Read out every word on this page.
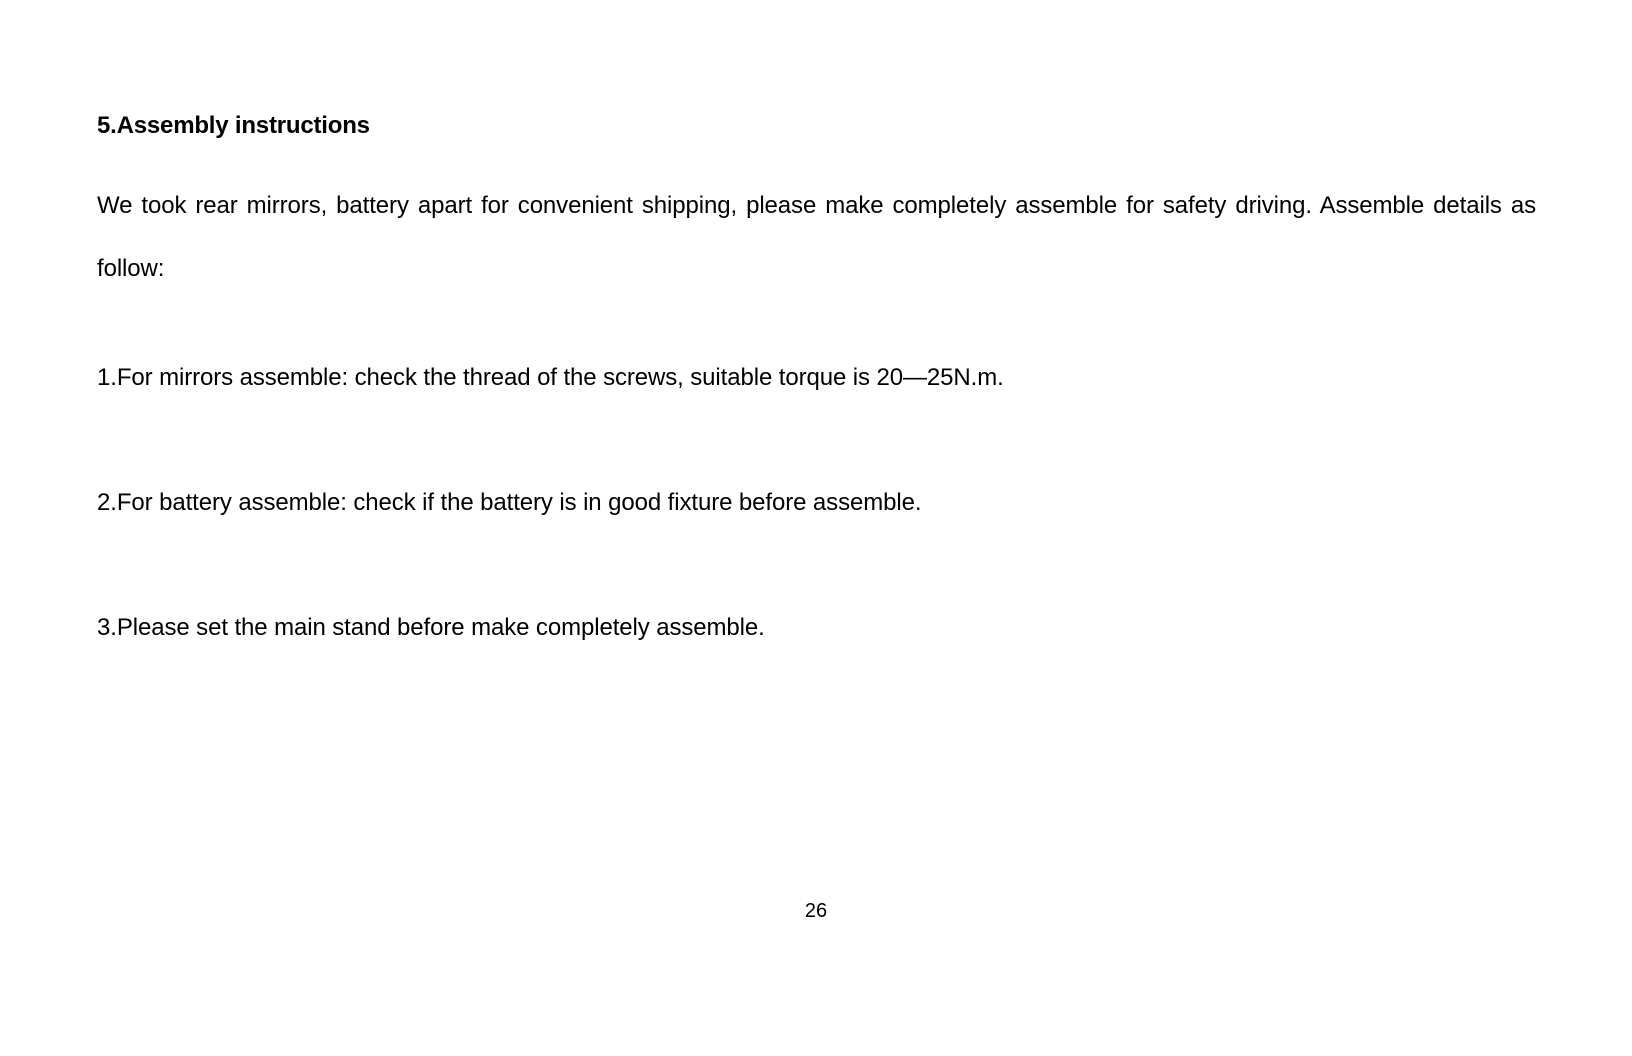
5.Assembly instructions
We took rear mirrors, battery apart for convenient shipping, please make completely assemble for safety driving. Assemble details as follow:
1.For mirrors assemble: check the thread of the screws, suitable torque is 20—25N.m.
2.For battery assemble: check if the battery is in good fixture before assemble.
3.Please set the main stand before make completely assemble.
26
